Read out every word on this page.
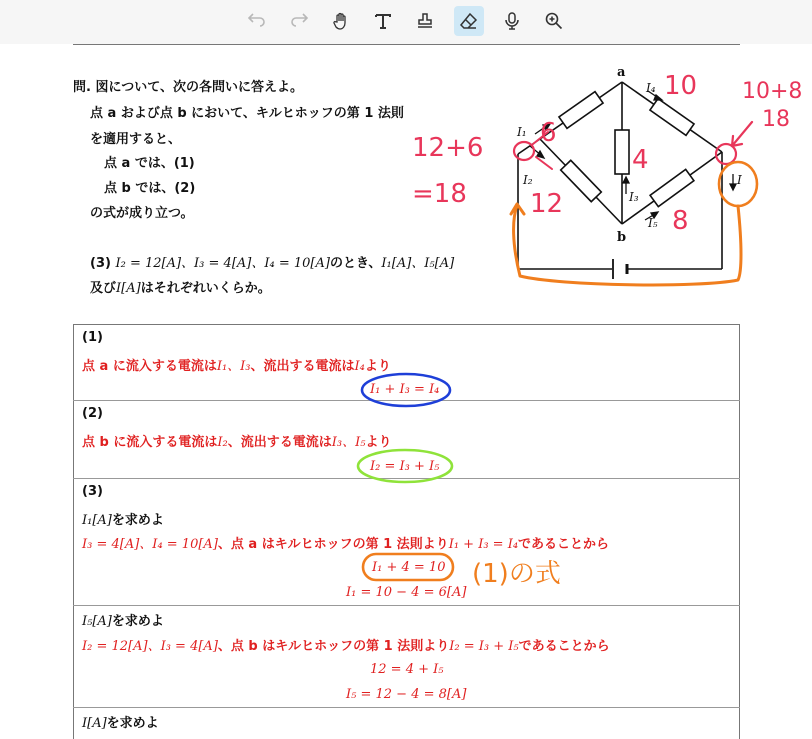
問. 図について、次の各問いに答えよ。
点 a および点 b において、キルヒホッフの第 1 法則
を適用すると、
点 a では、(1)
点 b では、(2)
の式が成り立つ。
(3) I₂ = 12[A]、I₃ = 4[A]、I₄ = 10[A]のとき、I₁[A]、I₅[A]
及びI[A]はそれぞれいくらか。
a
b
I₁
I₂
I₃
I₄
I₅
I
(1)
点 a に流入する電流はI₁、I₃、流出する電流はI₄より
I₁ + I₃ = I₄
(2)
点 b に流入する電流はI₂、流出する電流はI₃、I₅より
I₂ = I₃ + I₅
(3)
I₁[A]を求めよ
I₃ = 4[A]、I₄ = 10[A]、点 a はキルヒホッフの第 1 法則よりI₁ + I₃ = I₄であることから
I₁ + 4 = 10
I₁ = 10 − 4 = 6[A]
I₅[A]を求めよ
I₂ = 12[A]、I₃ = 4[A]、点 b はキルヒホッフの第 1 法則よりI₂ = I₃ + I₅であることから
12 = 4 + I₅
I₅ = 12 − 4 = 8[A]
I[A]を求めよ
6
10 10+8
18
12+6
=18 12
4
8
(1)の式
